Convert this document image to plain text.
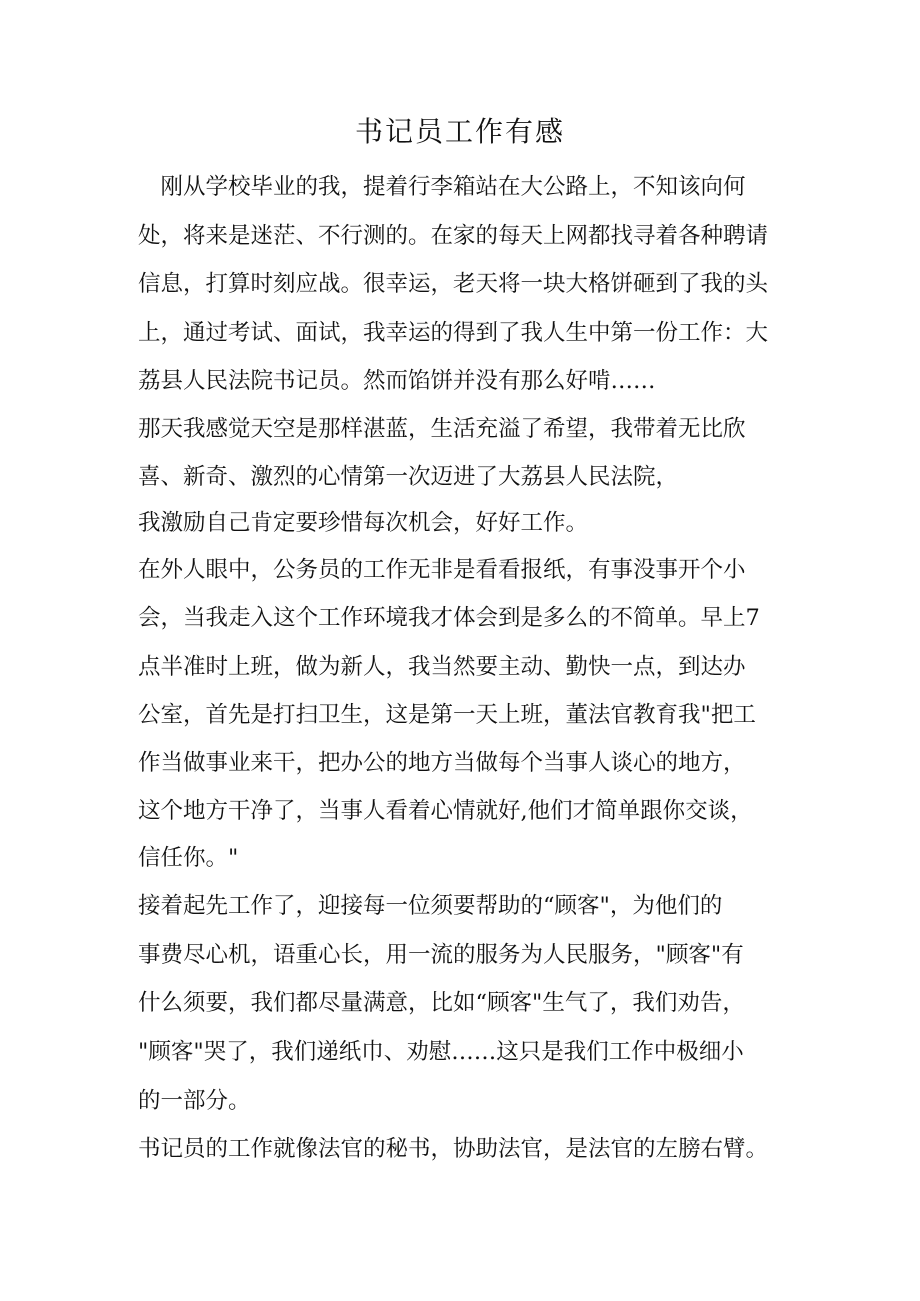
书记员工作有感

　刚从学校毕业的我，提着行李箱站在大公路上，不知该向何

处，将来是迷茫、不行测的。在家的每天上网都找寻着各种聘请

信息，打算时刻应战。很幸运，老天将一块大格饼砸到了我的头

上，通过考试、面试，我幸运的得到了我人生中第一份工作：大

荔县人民法院书记员。然而馅饼并没有那么好啃……

那天我感觉天空是那样湛蓝，生活充溢了希望，我带着无比欣

喜、新奇、激烈的心情第一次迈进了大荔县人民法院，

我激励自己肯定要珍惜每次机会，好好工作。

在外人眼中，公务员的工作无非是看看报纸，有事没事开个小

会，当我走入这个工作环境我才体会到是多么的不简单。早上7

点半准时上班，做为新人，我当然要主动、勤快一点，到达办

公室，首先是打扫卫生，这是第一天上班，董法官教育我"把工

作当做事业来干，把办公的地方当做每个当事人谈心的地方，

这个地方干净了，当事人看着心情就好,他们才简单跟你交谈，

信任你。"

接着起先工作了，迎接每一位须要帮助的“顾客"，为他们的

事费尽心机，语重心长，用一流的服务为人民服务，"顾客"有

什么须要，我们都尽量满意，比如“顾客"生气了，我们劝告，

"顾客"哭了，我们递纸巾、劝慰……这只是我们工作中极细小

的一部分。

书记员的工作就像法官的秘书，协助法官，是法官的左膀右臂。
